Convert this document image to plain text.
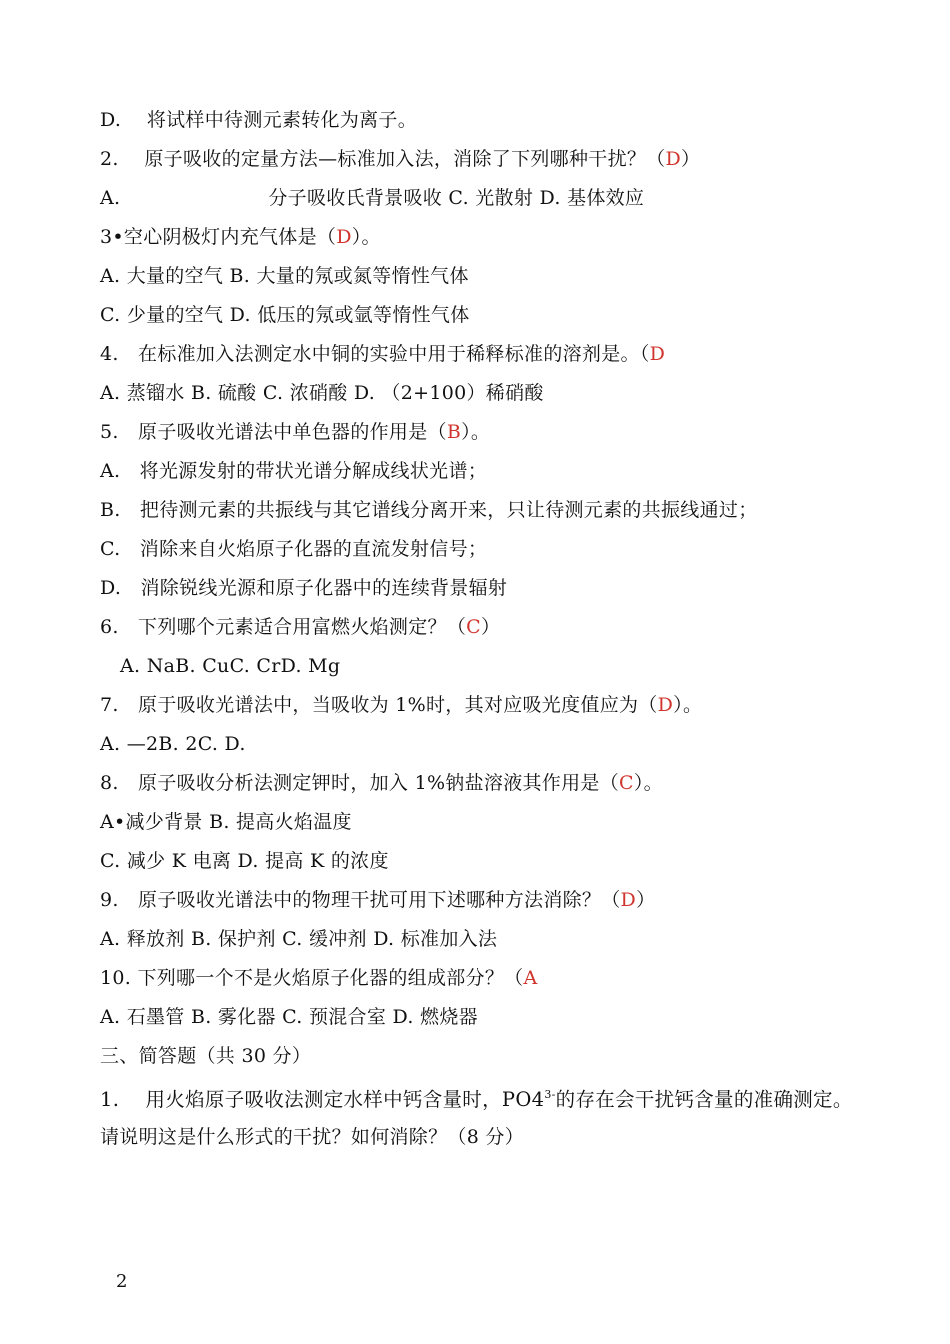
D.　 将试样中待测元素转化为离子。
2.　 原子吸收的定量方法—标准加入法，消除了下列哪种干扰？（D）
A.	分子吸收氏背景吸收 C. 光散射 D. 基体效应
3•空心阴极灯内充气体是（D）。
A. 大量的空气 B. 大量的氖或氮等惰性气体
C. 少量的空气 D. 低压的氖或氩等惰性气体
4.　在标准加入法测定水中铜的实验中用于稀释标准的溶剂是。（D
A. 蒸镏水 B. 硫酸 C. 浓硝酸 D. （2+100）稀硝酸
5.　原子吸收光谱法中单色器的作用是（B）。
A.　将光源发射的带状光谱分解成线状光谱；
B.　把待测元素的共振线与其它谱线分离开来，只让待测元素的共振线通过；
C.　消除来自火焰原子化器的直流发射信号；
D.　消除锐线光源和原子化器中的连续背景辐射
6.　下列哪个元素适合用富燃火焰测定？（C）
A. NaB. CuC. CrD. Mg
7.　原于吸收光谱法中，当吸收为 1%时，其对应吸光度值应为（D）。
A. —2B. 2C. D.
8.　原子吸收分析法测定钾时，加入 1%钠盐溶液其作用是（C）。
A•减少背景 B. 提高火焰温度
C. 减少 K 电离 D. 提高 K 的浓度
9.　原子吸收光谱法中的物理干扰可用下述哪种方法消除？（D）
A. 释放剂 B. 保护剂 C. 缓冲剂 D. 标准加入法
10. 下列哪一个不是火焰原子化器的组成部分？（A
A. 石墨管 B. 雾化器 C. 预混合室 D. 燃烧器
三、简答题（共 30 分）
1.　 用火焰原子吸收法测定水样中钙含量时，$PO4^{3-}$的存在会干扰钙含量的准确测定。
请说明这是什么形式的干扰？如何消除？（8 分）
2
